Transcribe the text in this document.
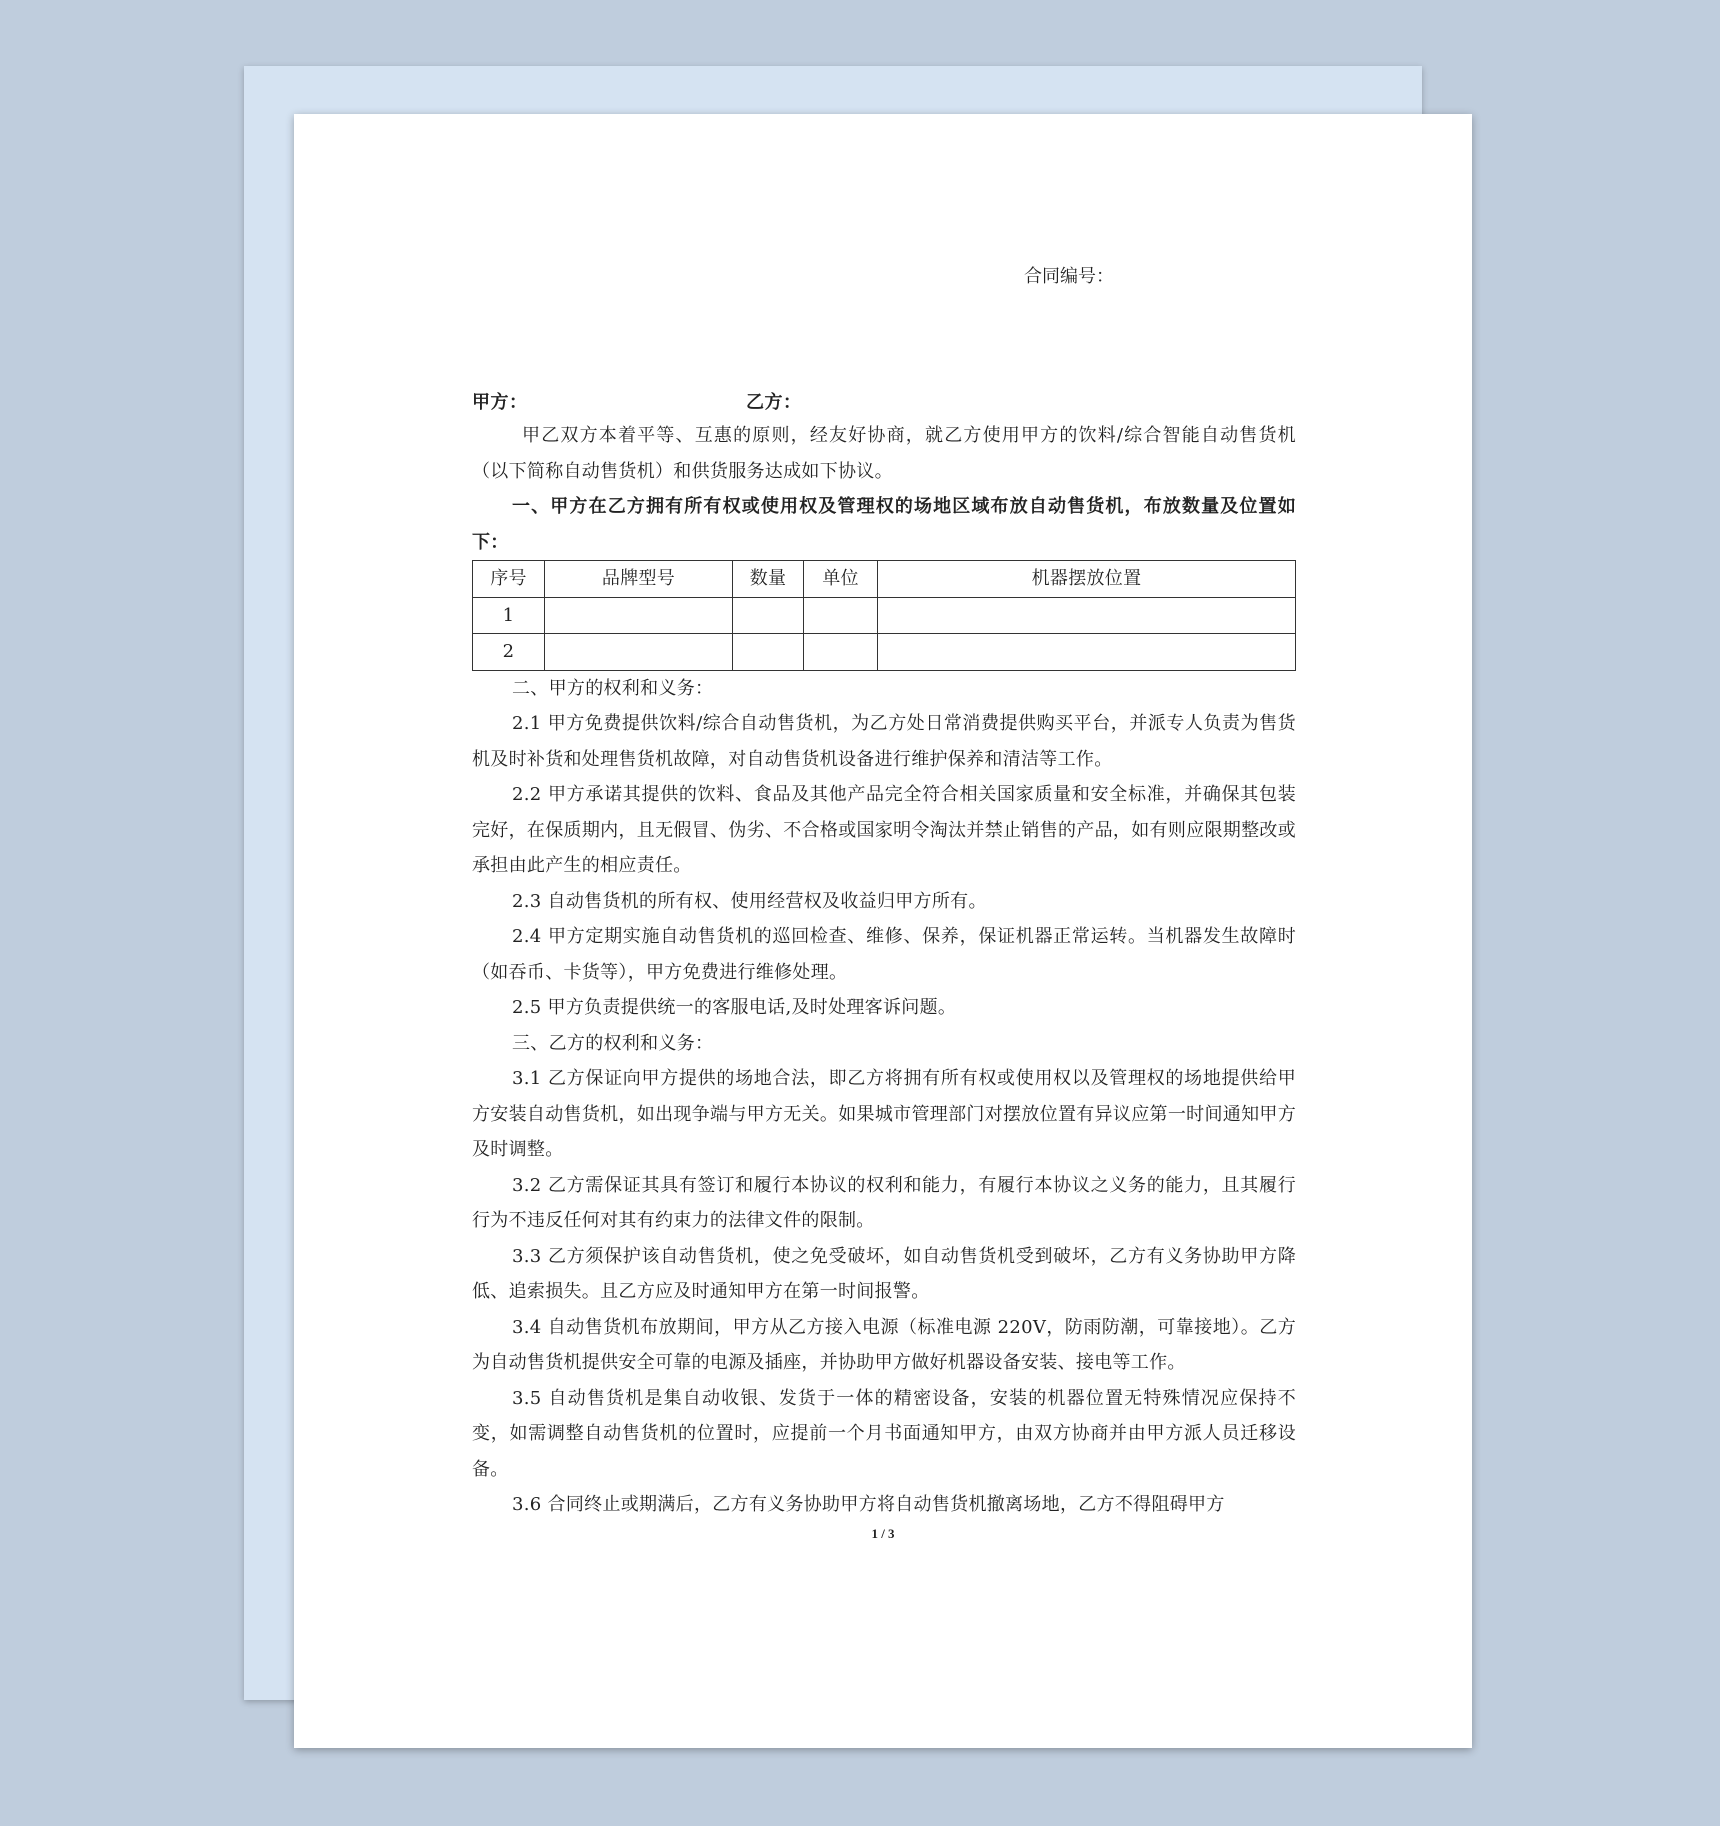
合同编号：
甲方：	乙方：

甲乙双方本着平等、互惠的原则，经友好协商，就乙方使用甲方的饮料/综合智能自动售货机（以下简称自动售货机）和供货服务达成如下协议。

一、甲方在乙方拥有所有权或使用权及管理权的场地区域布放自动售货机，布放数量及位置如下：

序号	品牌型号	数量	单位	机器摆放位置
1				
2				

二、甲方的权利和义务：

2.1 甲方免费提供饮料/综合自动售货机，为乙方处日常消费提供购买平台，并派专人负责为售货机及时补货和处理售货机故障，对自动售货机设备进行维护保养和清洁等工作。

2.2 甲方承诺其提供的饮料、食品及其他产品完全符合相关国家质量和安全标准，并确保其包装完好，在保质期内，且无假冒、伪劣、不合格或国家明令淘汰并禁止销售的产品，如有则应限期整改或承担由此产生的相应责任。

2.3 自动售货机的所有权、使用经营权及收益归甲方所有。

2.4 甲方定期实施自动售货机的巡回检查、维修、保养，保证机器正常运转。当机器发生故障时（如吞币、卡货等），甲方免费进行维修处理。

2.5 甲方负责提供统一的客服电话,及时处理客诉问题。

三、乙方的权利和义务：

3.1 乙方保证向甲方提供的场地合法，即乙方将拥有所有权或使用权以及管理权的场地提供给甲方安装自动售货机，如出现争端与甲方无关。如果城市管理部门对摆放位置有异议应第一时间通知甲方及时调整。

3.2 乙方需保证其具有签订和履行本协议的权利和能力，有履行本协议之义务的能力，且其履行行为不违反任何对其有约束力的法律文件的限制。

3.3 乙方须保护该自动售货机，使之免受破坏，如自动售货机受到破坏，乙方有义务协助甲方降低、追索损失。且乙方应及时通知甲方在第一时间报警。

3.4 自动售货机布放期间，甲方从乙方接入电源（标准电源 220V，防雨防潮，可靠接地）。乙方为自动售货机提供安全可靠的电源及插座，并协助甲方做好机器设备安装、接电等工作。

3.5 自动售货机是集自动收银、发货于一体的精密设备，安装的机器位置无特殊情况应保持不变，如需调整自动售货机的位置时，应提前一个月书面通知甲方，由双方协商并由甲方派人员迁移设备。

3.6 合同终止或期满后，乙方有义务协助甲方将自动售货机撤离场地，乙方不得阻碍甲方

1 / 3
